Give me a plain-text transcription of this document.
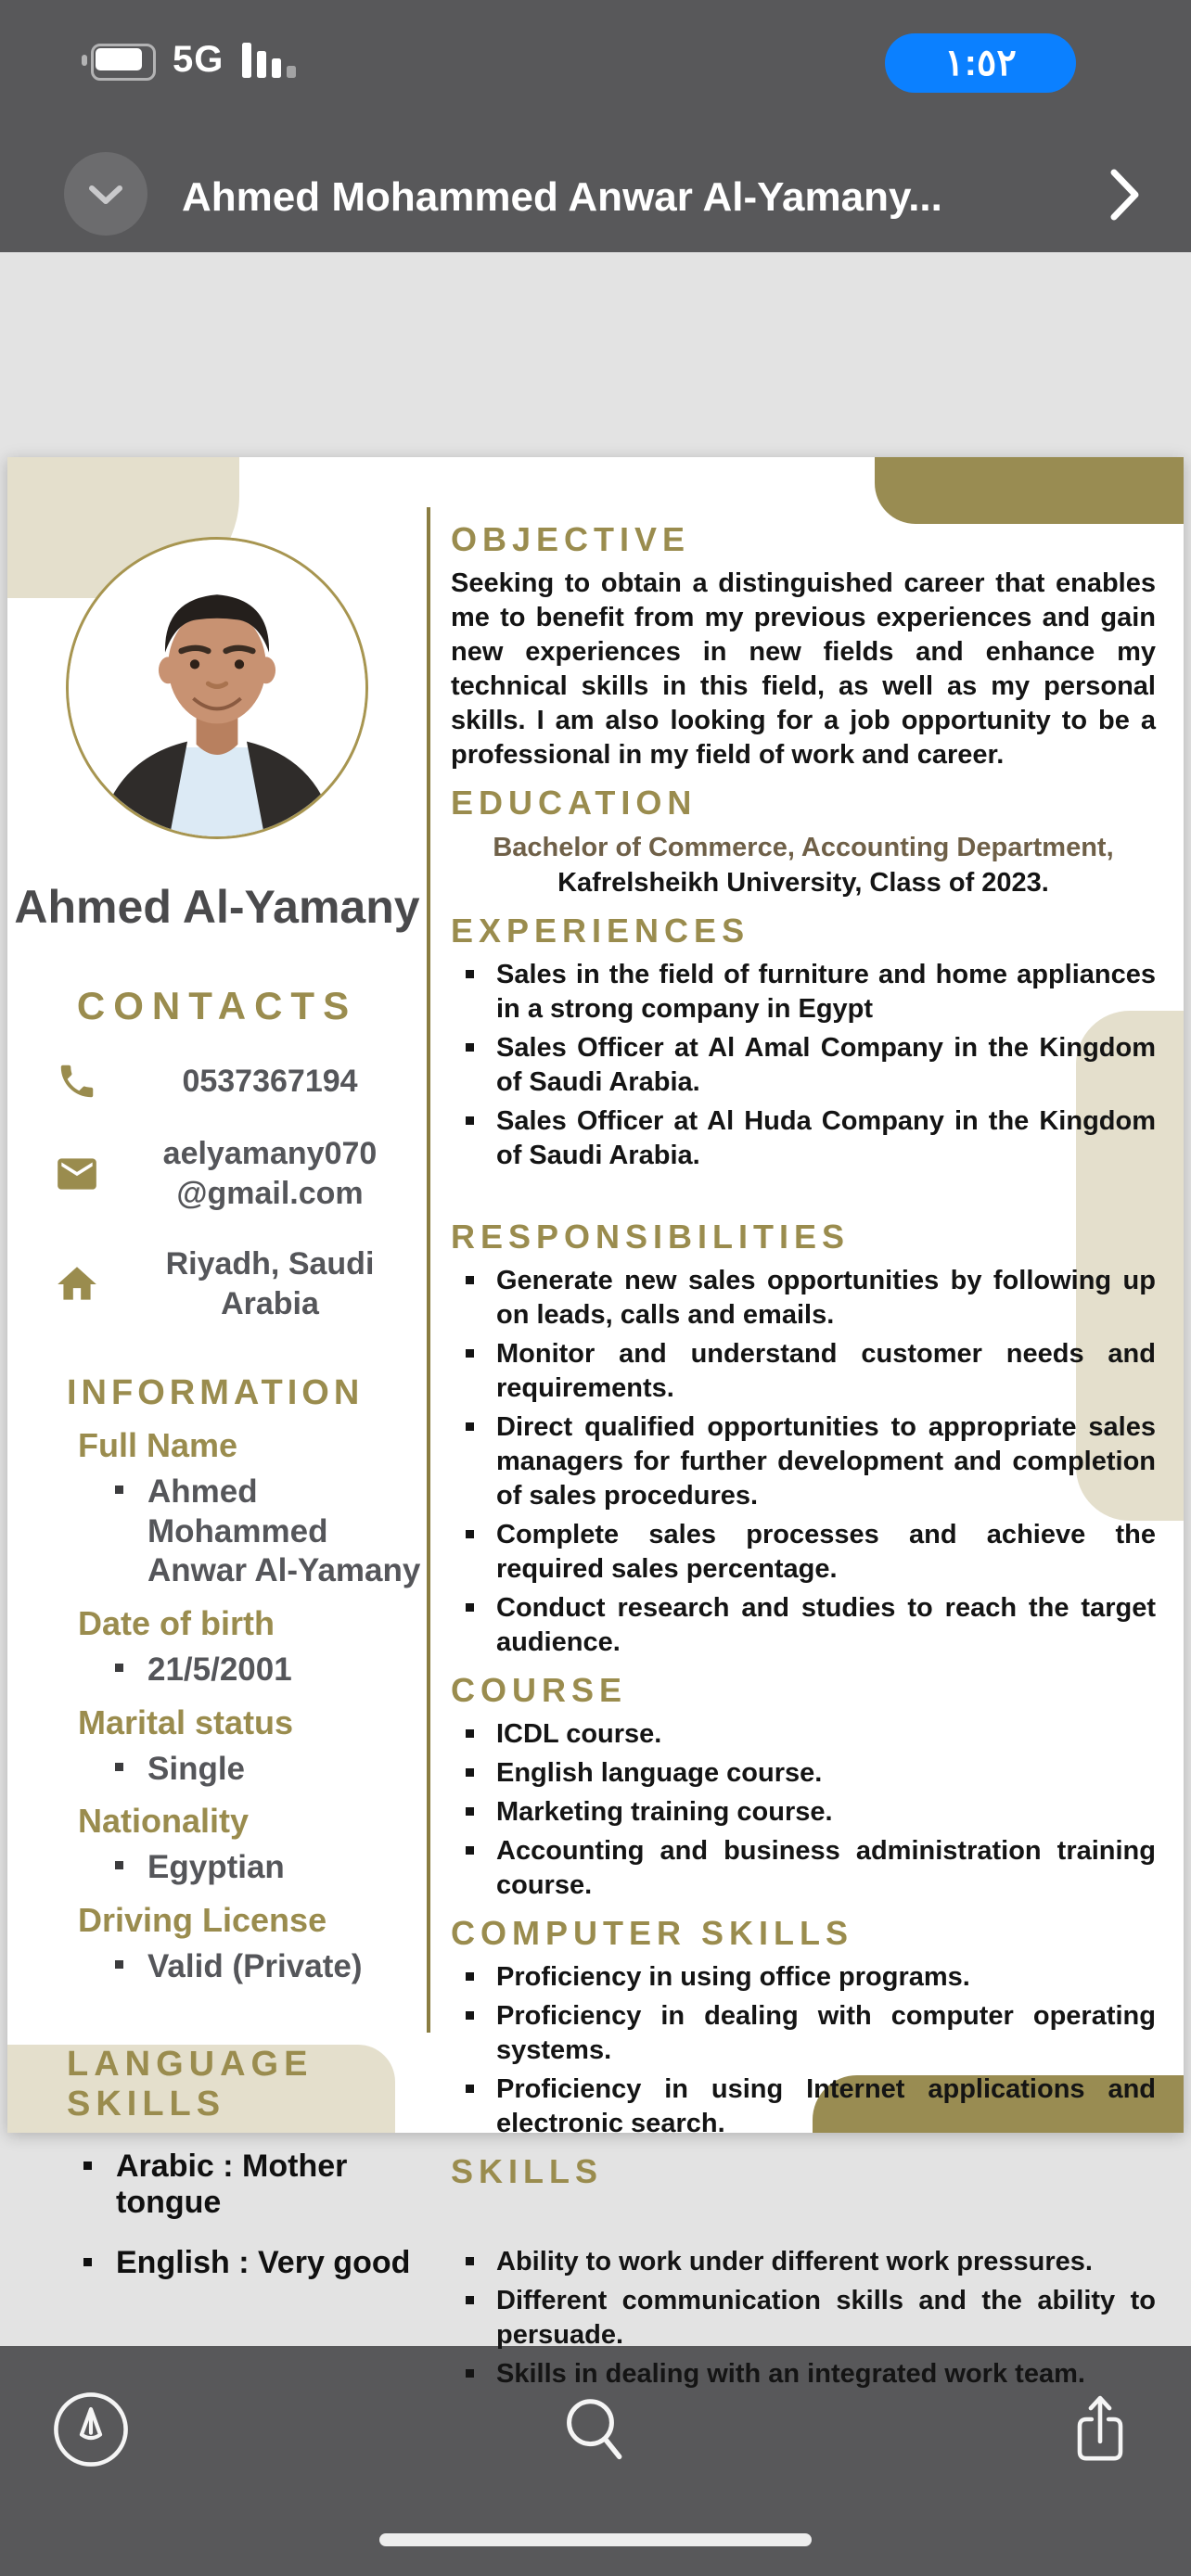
5G	١:٥٢
Ahmed Mohammed Anwar Al-Yamany...
Ahmed Al-Yamany
CONTACTS
0537367194
aelyamany070
@gmail.com
Riyadh, Saudi
Arabia
INFORMATION
Full Name
Ahmed Mohammed Anwar Al-Yamany
Date of birth
21/5/2001
Marital status
Single
Nationality
Egyptian
Driving License
Valid (Private)
LANGUAGE SKILLS
Arabic : Mother tongue
English : Very good
OBJECTIVE
Seeking to obtain a distinguished career that enables me to benefit from my previous experiences and gain new experiences in new fields and enhance my technical skills in this field, as well as my personal skills. I am also looking for a job opportunity to be a professional in my field of work and career.
EDUCATION
Bachelor of Commerce, Accounting Department, Kafrelsheikh University, Class of 2023.
EXPERIENCES
Sales in the field of furniture and home appliances in a strong company in Egypt
Sales Officer at Al Amal Company in the Kingdom of Saudi Arabia.
Sales Officer at Al Huda Company in the Kingdom of Saudi Arabia.
RESPONSIBILITIES
Generate new sales opportunities by following up on leads, calls and emails.
Monitor and understand customer needs and requirements.
Direct qualified opportunities to appropriate sales managers for further development and completion of sales procedures.
Complete sales processes and achieve the required sales percentage.
Conduct research and studies to reach the target audience.
COURSE
ICDL course.
English language course.
Marketing training course.
Accounting and business administration training course.
COMPUTER SKILLS
Proficiency in using office programs.
Proficiency in dealing with computer operating systems.
Proficiency in using Internet applications and electronic search.
SKILLS
Ability to work under different work pressures.
Different communication skills and the ability to persuade.
Skills in dealing with an integrated work team.
